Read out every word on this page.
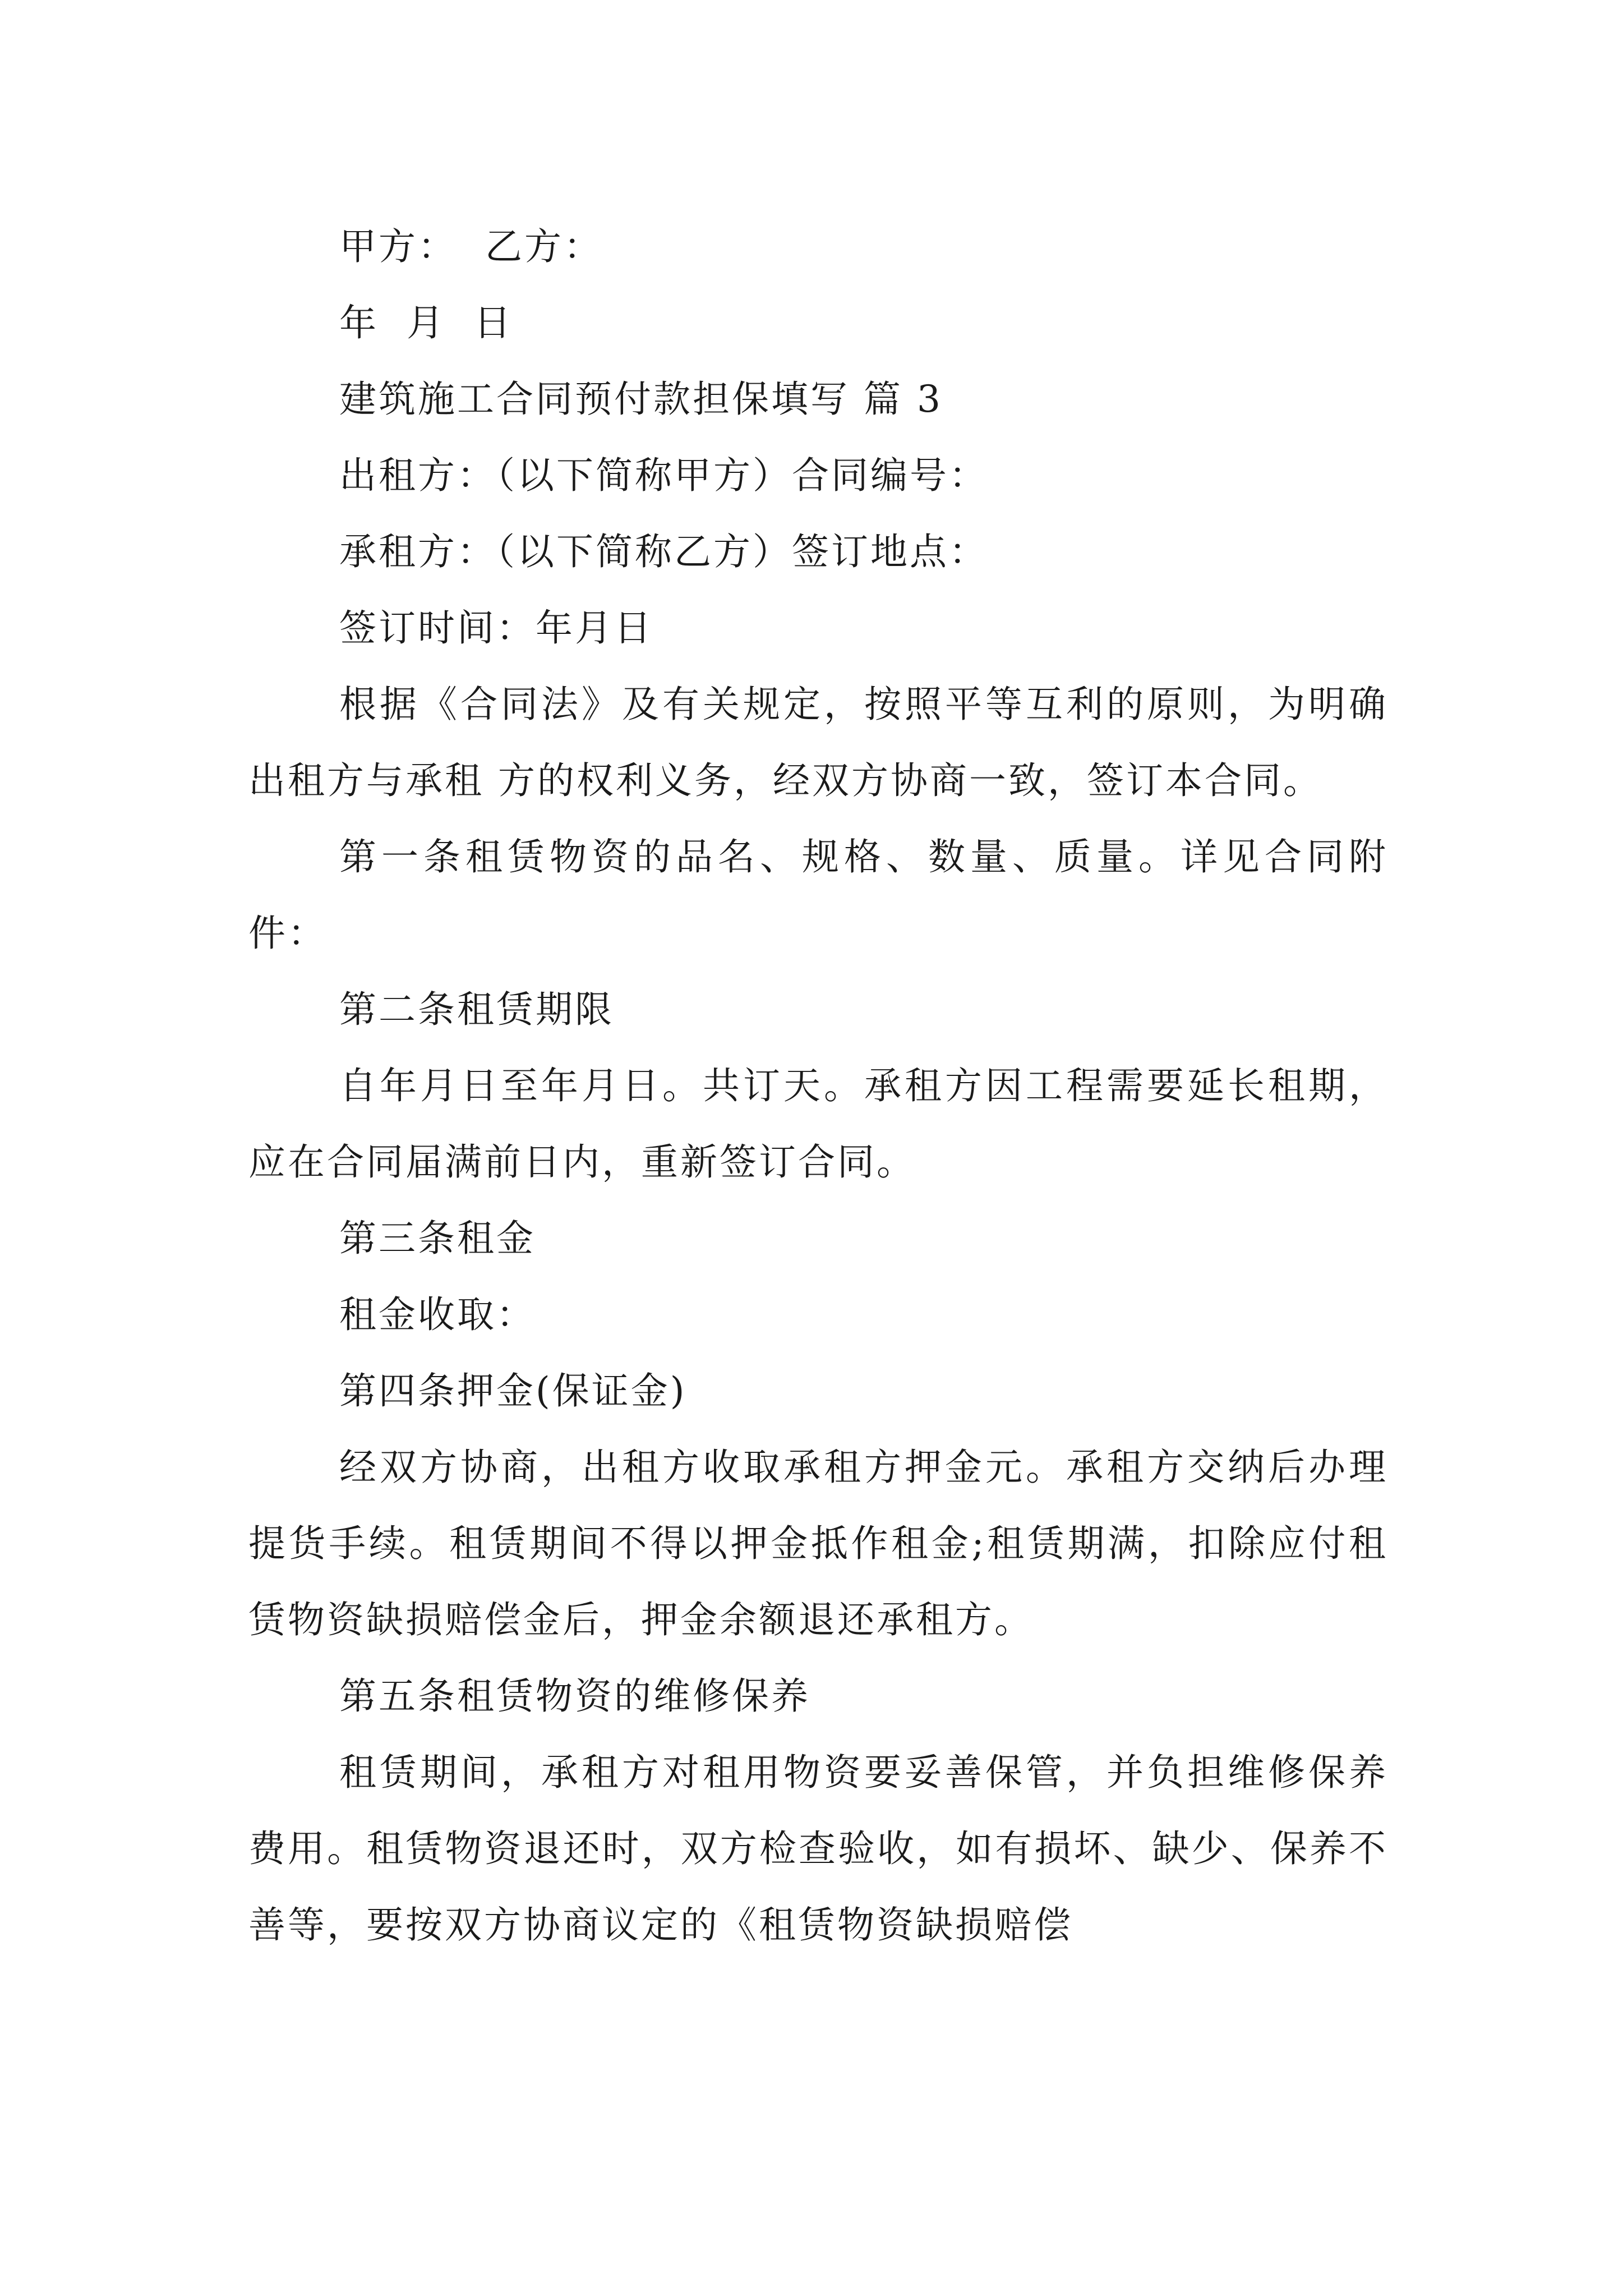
甲方：  乙方：

年  月  日

建筑施工合同预付款担保填写 篇 3

出租方：（以下简称甲方）合同编号：

承租方：（以下简称乙方）签订地点：

签订时间：年月日

根据《合同法》及有关规定，按照平等互利的原则，为明确出租方与承租 方的权利义务，经双方协商一致，签订本合同。

第一条租赁物资的品名、规格、数量、质量。详见合同附件：

第二条租赁期限

自年月日至年月日。共订天。承租方因工程需要延长租期，应在合同届满前日内，重新签订合同。

第三条租金

租金收取：

第四条押金(保证金)

经双方协商，出租方收取承租方押金元。承租方交纳后办理提货手续。租赁期间不得以押金抵作租金;租赁期满，扣除应付租赁物资缺损赔偿金后，押金余额退还承租方。

第五条租赁物资的维修保养

租赁期间，承租方对租用物资要妥善保管，并负担维修保养费用。租赁物资退还时，双方检查验收，如有损坏、缺少、保养不善等，要按双方协商议定的《租赁物资缺损赔偿
